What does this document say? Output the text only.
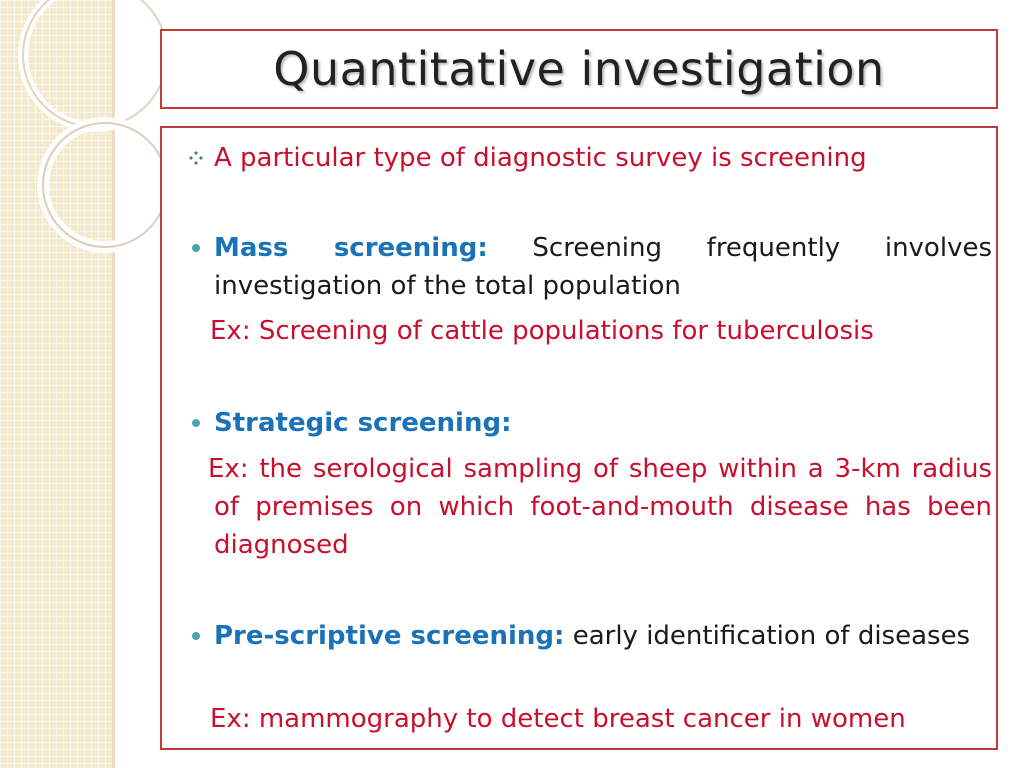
Quantitative investigation
A particular type of diagnostic survey is screening
Mass screening: Screening frequently involves investigation of the total population
Ex: Screening of cattle populations for tuberculosis
Strategic screening:
Ex: the serological sampling of sheep within a 3-km radius of premises on which foot-and-mouth disease has been diagnosed
Pre-scriptive screening: early identification of diseases
Ex: mammography to detect breast cancer in women
